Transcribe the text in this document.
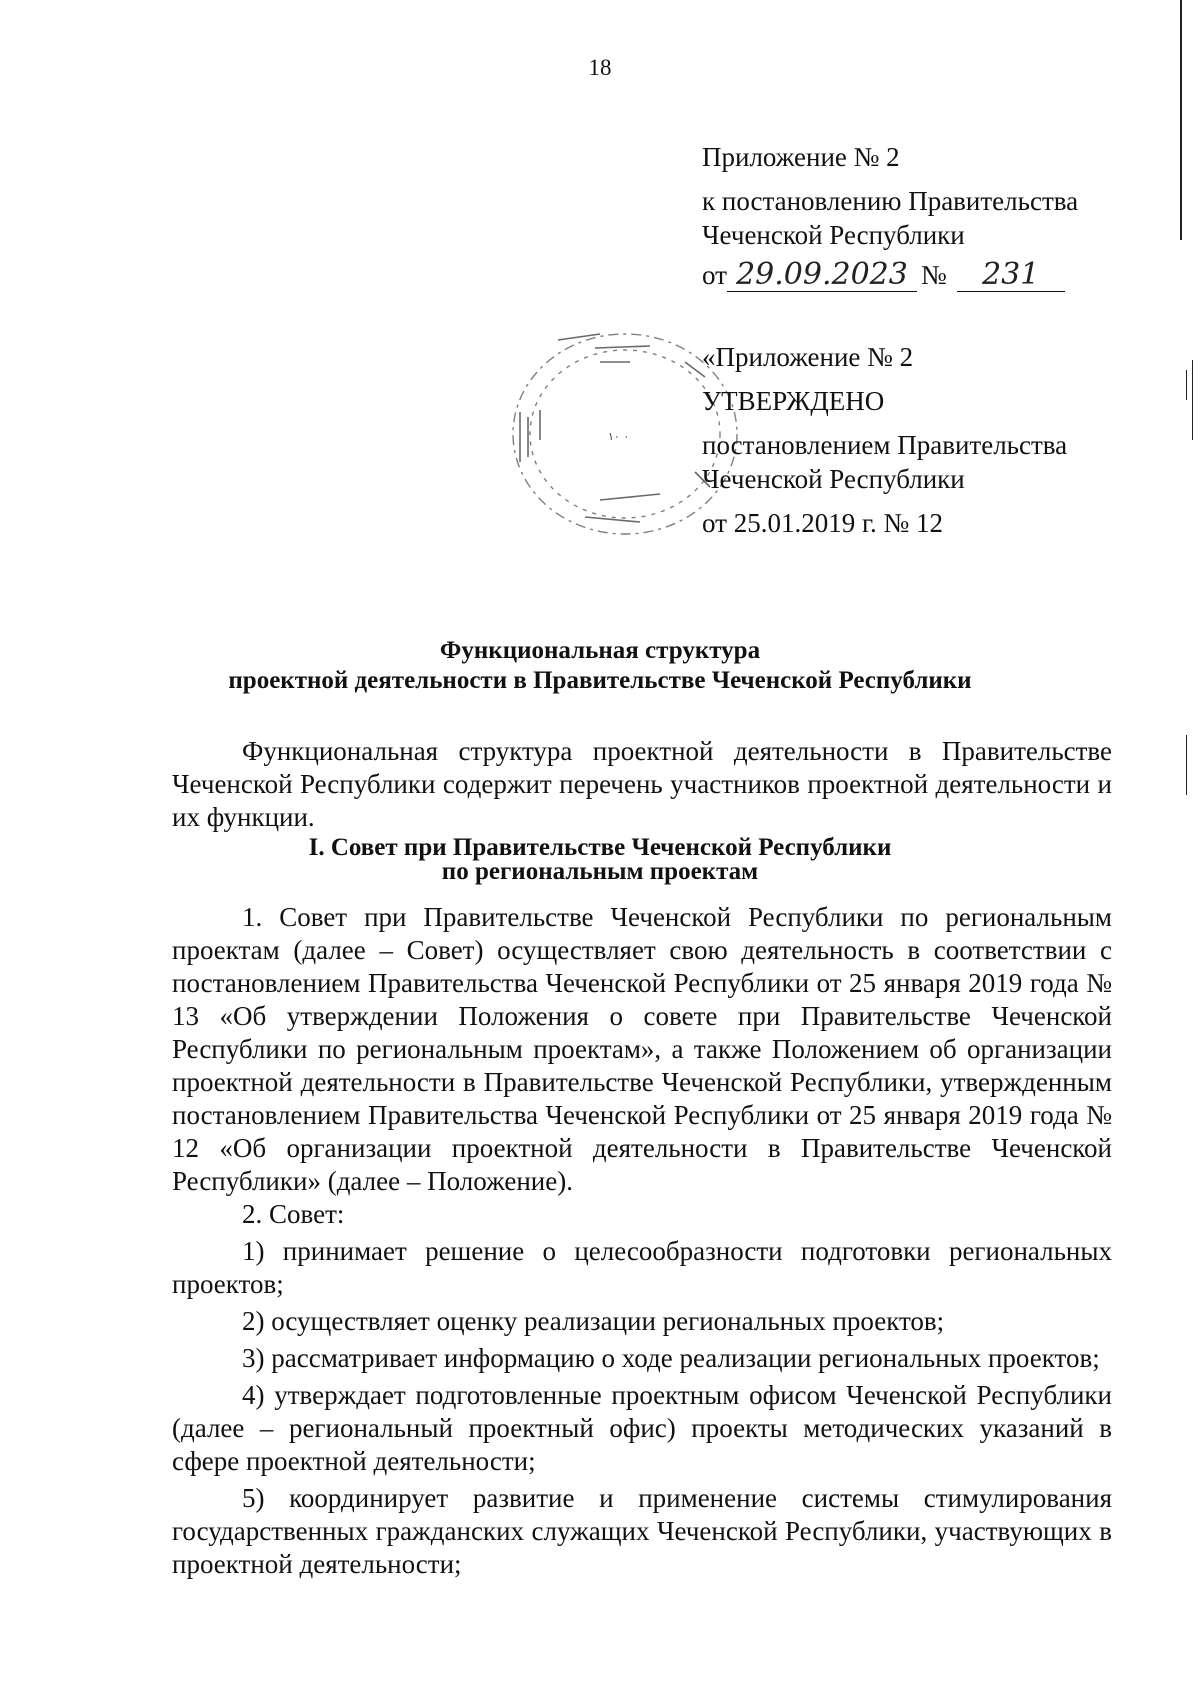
18
Приложение № 2
к постановлению Правительства
Чеченской Республики
от 29.09.2023 № 231
۱۰ ۰
«Приложение № 2
УТВЕРЖДЕНО
постановлением Правительства
Чеченской Республики
от 25.01.2019 г. № 12
Функциональная структура
проектной деятельности в Правительстве Чеченской Республики

Функциональная структура проектной деятельности в Правительстве Чеченской Республики содержит перечень участников проектной деятельности и их функции.

I. Совет при Правительстве Чеченской Республики
по региональным проектам

1. Совет при Правительстве Чеченской Республики по региональным проектам (далее – Совет) осуществляет свою деятельность в соответствии с постановлением Правительства Чеченской Республики от 25 января 2019 года № 13 «Об утверждении Положения о совете при Правительстве Чеченской Республики по региональным проектам», а также Положением об организации проектной деятельности в Правительстве Чеченской Республики, утвержденным постановлением Правительства Чеченской Республики от 25 января 2019 года № 12 «Об организации проектной деятельности в Правительстве Чеченской Республики» (далее – Положение).

2. Совет:

1) принимает решение о целесообразности подготовки региональных проектов;

2) осуществляет оценку реализации региональных проектов;

3) рассматривает информацию о ходе реализации региональных проектов;

4) утверждает подготовленные проектным офисом Чеченской Республики (далее – региональный проектный офис) проекты методических указаний в сфере проектной деятельности;

5) координирует развитие и применение системы стимулирования государственных гражданских служащих Чеченской Республики, участвующих в проектной деятельности;
